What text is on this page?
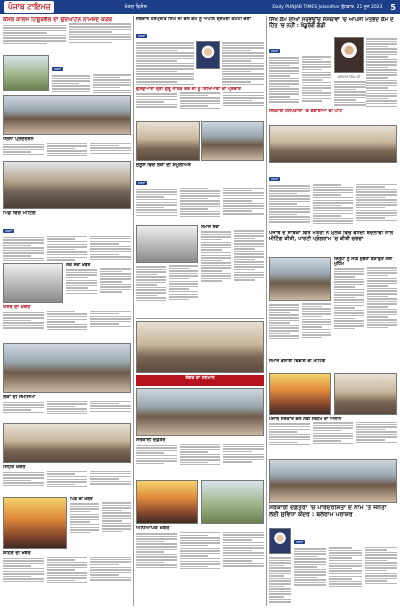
ਪੰਜਾਬ ਟਾਇਮਜ਼	ਖੇਤਰ ਵਿਸ਼ੇਸ਼	Daily PUNJAB TIMES Jalandhar ਬੁੱਧਵਾਰ, 21 ਜੂਨ 2023 5
ਕੌਂਸਲ ਕਾਲਜ ਟਿਊਬਵੈੱਲ ਦਾ ਉਦਘਾਟਨ ਨਾਮਜ਼ਦ ਕਰਕ
ਖ਼ਬਰਾਂ
ਧਰਨਾ ਪ੍ਰਦਰਸ਼ਨ
ਪਿੰਡ ਵਿੱਚ ਮੀਟਿੰਗ
ਖ਼ਬਰਾਂ
ਲੋਕ ਸੇਵਾ ਖ਼ਬਰ
ਖੇਤਰ ਦੀ ਖ਼ਬਰ
ਲੋਕਾਂ ਦੀ ਸਮੱਸਿਆ
ਸਿਹਤ ਖ਼ਬਰ
ਪਿੰਡ ਦੀ ਖ਼ਬਰ
ਸ਼ਹਿਰ ਦੀ ਖ਼ਬਰ
ਜਥੇਦਾਰ ਹਰਪ੍ਰੀਤ ਸਿੰਘ ਜੀ ਵੱਲੋਂ ਕੌਮ ਨੂੰ ਅਪੀਲ ਸ਼੍ਰੋਮਣੀ ਕਮੇਟੀ ਚੋਣਾਂ
ਖ਼ਬਰਾਂ
ਗੁਰਦੁਆਰਾ ਸ਼੍ਰੀ ਗੁਰੂ ਨਾਨਕ ਦੇਵ ਜੀ ਨੂੰ ਸਿੱਖਿਆਵਾਂ ਦਾ ਪ੍ਰਚਾਰ
ਜੁਲੂਸ ਵਿੱਚ ਲੋਕਾਂ ਦੀ ਸ਼ਮੂਲੀਅਤ
ਖ਼ਬਰਾਂ
ਸਮਾਜ ਸੇਵਾ
ਸੰਗਤ ਦਾ ਸਨਮਾਨ
ਸਰਕਾਰੀ ਦਫ਼ਤਰ
ਅਧਿਆਪਕ ਖ਼ਬਰ
ਸਿੱਖ ਕੌਮ ਦੀਆਂ ਸਰਵਉੱਚ ਸੰਸਥਾਵਾਂ 'ਚ ਆਪਸੀ ਮਤਭੇਦ ਕੌਮ ਦੇ ਹਿੱਤ 'ਚ ਨਹੀਂ : ਖੰਡੂਰੰਗੇ ਗੰਡੀ
ਖ਼ਬਰਾਂ
ਜਥੇਦਾਰ ਸਿੰਘ ਜੀ
ਸਰਕਾਰੀ ਹਸਪਤਾਲਾਂ 'ਚ ਦਵਾਈਆਂ ਦੀ ਘਾਟ
ਖ਼ਬਰਾਂ
ਪੰਜਾਬ ਦੇ ਸਾਬਕਾ ਵਿੱਤ ਮੰਤਰੀ ਨੇ ਮੁਲਕ ਵਿੱਚ ਵਧਦੀ ਬਦਲਾਵੀ ਨਾਲ ਮੀਟਿੰਗ ਕੀਤੀ, ਪਾਰਟੀ ਪ੍ਰੋਗਰਾਮ 'ਚ ਕੀਤੀ ਚਰਚਾ
ਜ਼ਿਲ੍ਹਾ ਨੂੰ ਸਾਫ਼ ਸੁਥਰਾ ਬਣਾਉਣ ਲਈ ਮੁਹਿੰਮ
ਸਮਾਜ ਭਲਾਈ ਵਿਭਾਗ ਦੀ ਮੀਟਿੰਗ
ਪੰਜਾਬ ਸਰਕਾਰ ਵੱਲੋਂ ਨਵੀਂ ਸਕੀਮ ਦਾ ਐਲਾਨ
ਸਰਕਾਰੀ ਦਫ਼ਤਰਾਂ 'ਚ ਪਾਰਦਰਸ਼ਿਤਾ ਦੇ ਨਾਮ 'ਤੇ ਜਨਤਾ ਲਈ ਸੁਵਿਧਾ ਕੇਂਦਰ : ਬਲਰਾਮ ਪਰਾਸ਼ਰ
ਖ਼ਬਰਾਂ
